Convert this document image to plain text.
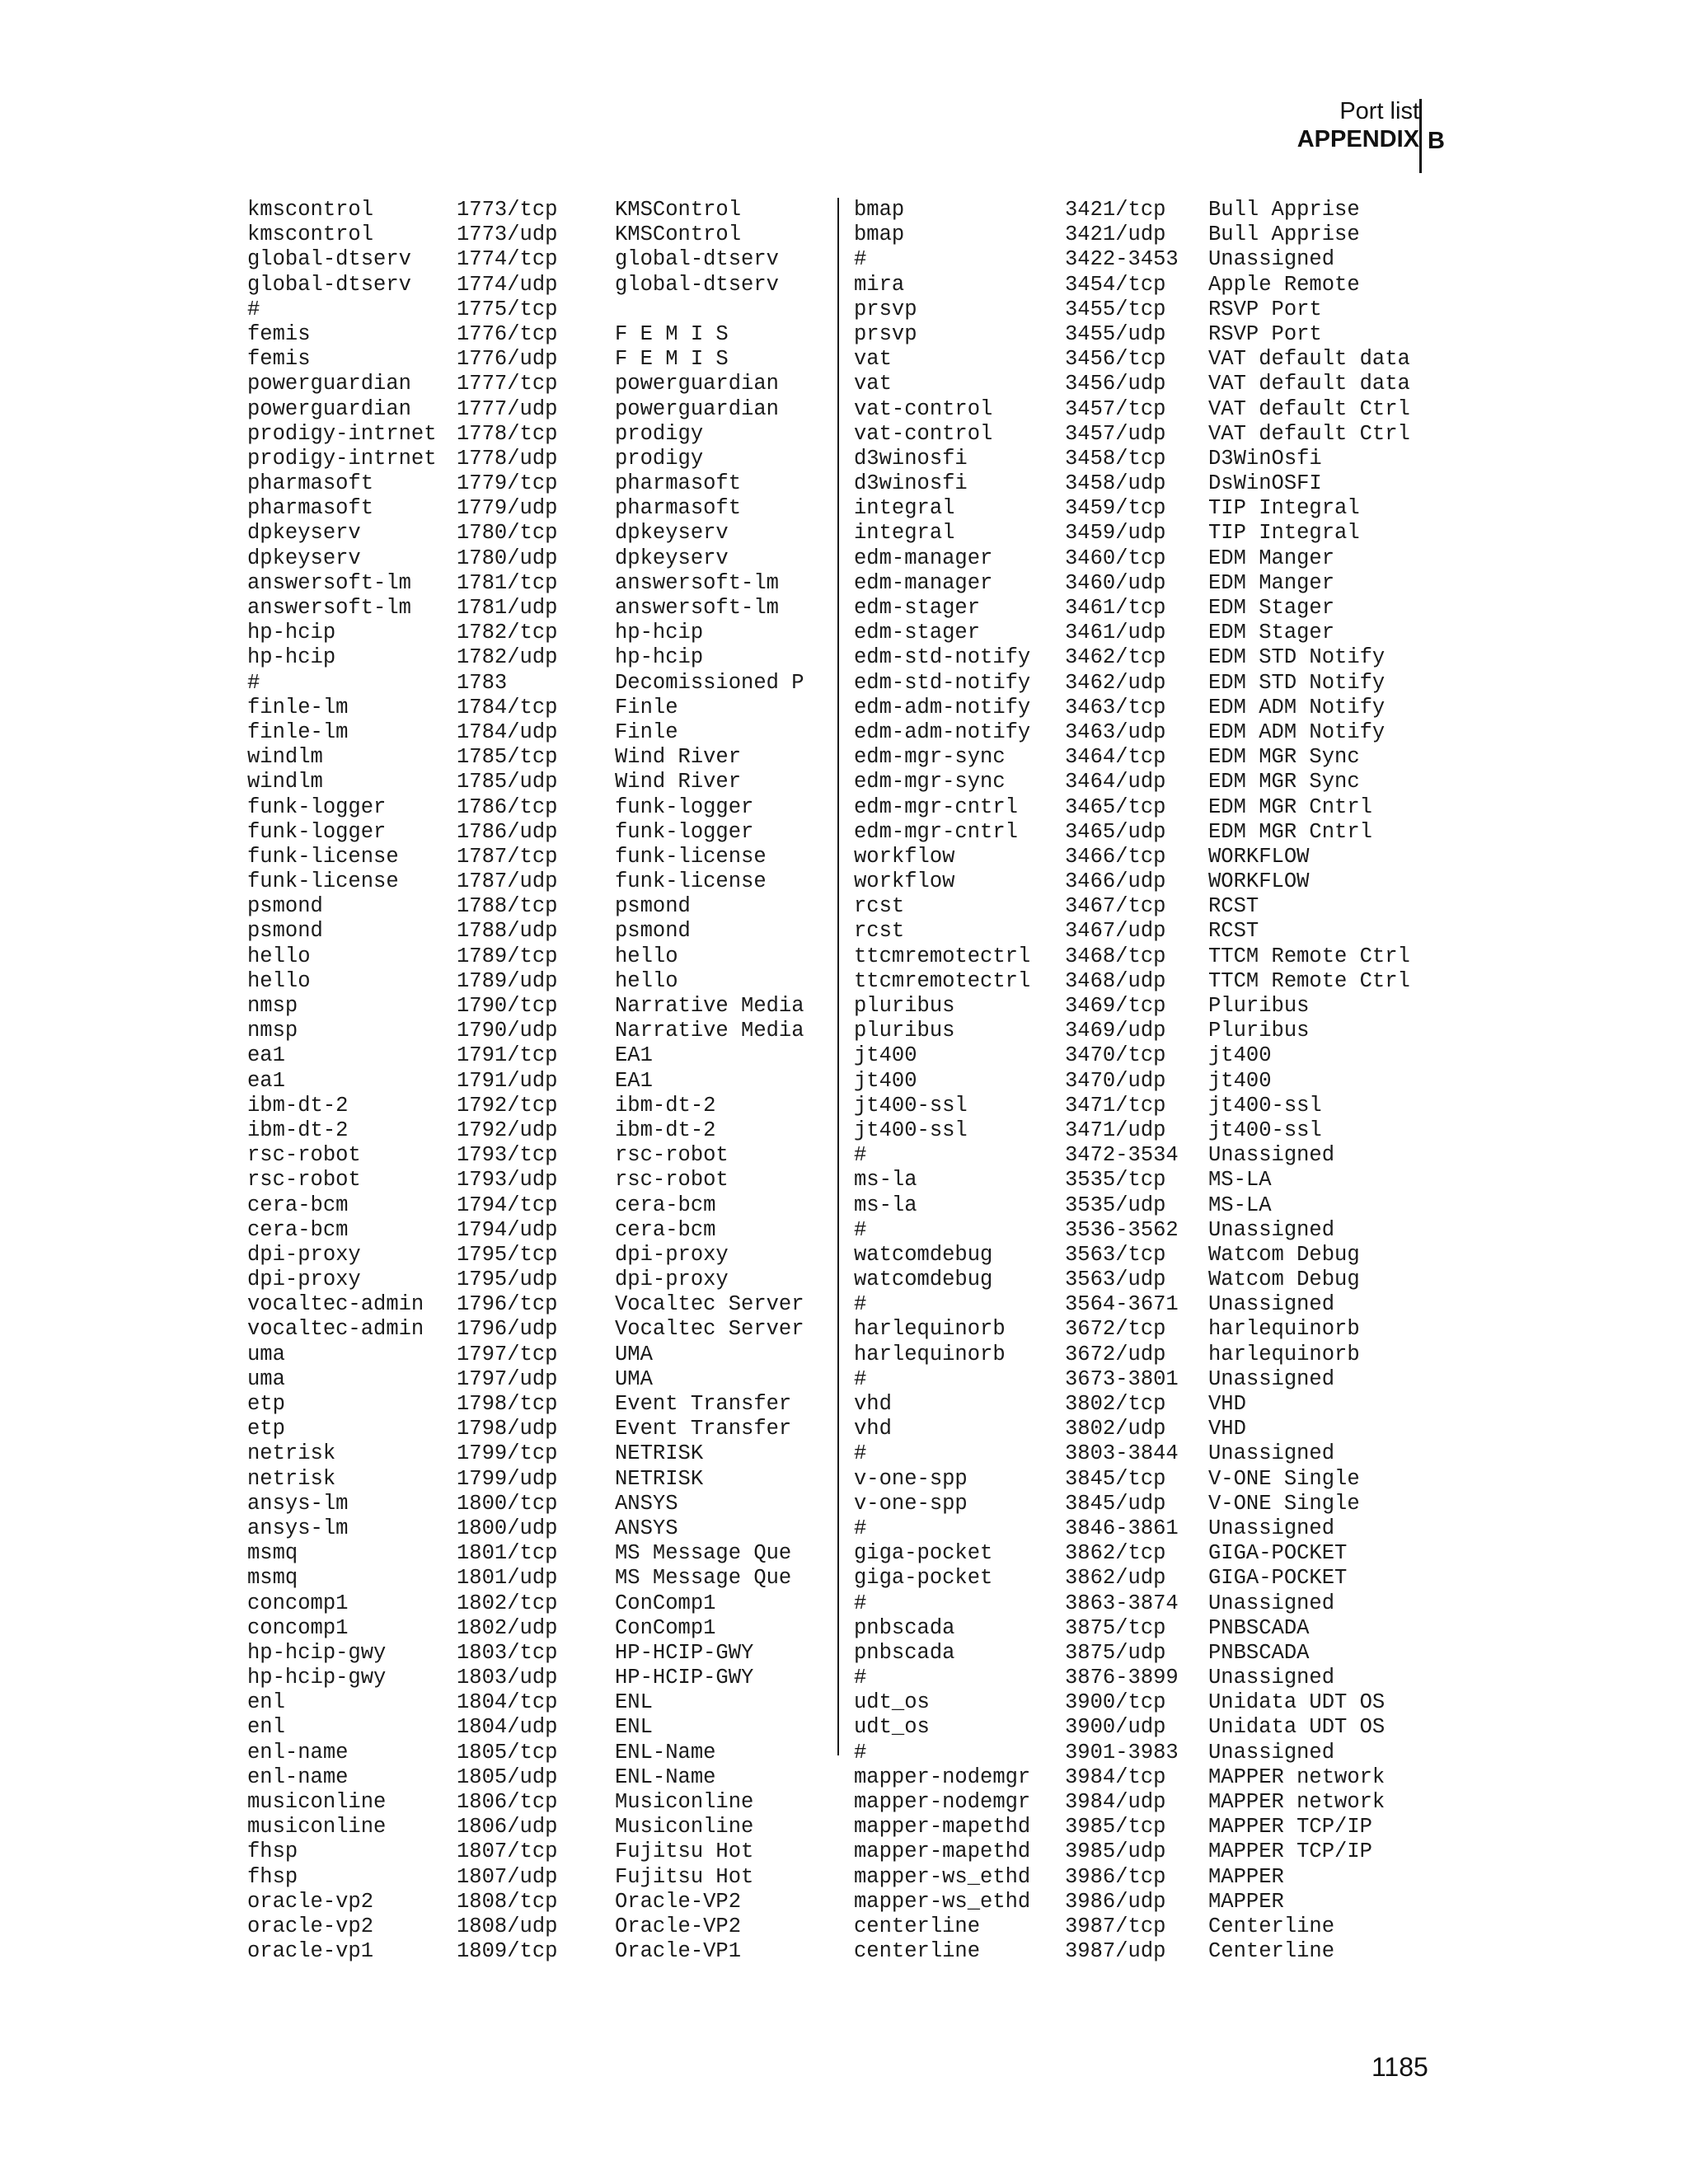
Port list
APPENDIX B
kmscontrol	1773/tcp	KMSControl
kmscontrol	1773/udp	KMSControl
global-dtserv 1774/tcp	global-dtserv
global-dtserv 1774/udp	global-dtserv
#	1775/tcp
femis	1776/tcp	F E M I S
femis	1776/udp	F E M I S
powerguardian 1777/tcp	powerguardian
powerguardian 1777/udp	powerguardian
prodigy-intrnet 1778/tcp	prodigy
prodigy-intrnet 1778/udp	prodigy
pharmasoft	1779/tcp	pharmasoft
pharmasoft	1779/udp	pharmasoft
dpkeyserv	1780/tcp	dpkeyserv
dpkeyserv	1780/udp	dpkeyserv
answersoft-lm 1781/tcp	answersoft-lm
answersoft-lm 1781/udp	answersoft-lm
hp-hcip	1782/tcp	hp-hcip
hp-hcip	1782/udp	hp-hcip
#	1783	Decomissioned P
finle-lm	1784/tcp	Finle
finle-lm	1784/udp	Finle
windlm	1785/tcp	Wind River
windlm	1785/udp	Wind River
funk-logger	1786/tcp	funk-logger
funk-logger	1786/udp	funk-logger
funk-license	1787/tcp	funk-license
funk-license	1787/udp	funk-license
psmond	1788/tcp	psmond
psmond	1788/udp	psmond
hello	1789/tcp	hello
hello	1789/udp	hello
nmsp	1790/tcp	Narrative Media
nmsp	1790/udp	Narrative Media
ea1	1791/tcp	EA1
ea1	1791/udp	EA1
ibm-dt-2	1792/tcp	ibm-dt-2
ibm-dt-2	1792/udp	ibm-dt-2
rsc-robot	1793/tcp	rsc-robot
rsc-robot	1793/udp	rsc-robot
cera-bcm	1794/tcp	cera-bcm
cera-bcm	1794/udp	cera-bcm
dpi-proxy	1795/tcp	dpi-proxy
dpi-proxy	1795/udp	dpi-proxy
vocaltec-admin 1796/tcp	Vocaltec Server
vocaltec-admin 1796/udp	Vocaltec Server
uma	1797/tcp	UMA
uma	1797/udp	UMA
etp	1798/tcp	Event Transfer
etp	1798/udp	Event Transfer
netrisk	1799/tcp	NETRISK
netrisk	1799/udp	NETRISK
ansys-lm	1800/tcp	ANSYS
ansys-lm	1800/udp	ANSYS
msmq	1801/tcp	MS Message Que
msmq	1801/udp	MS Message Que
concomp1	1802/tcp	ConComp1
concomp1	1802/udp	ConComp1
hp-hcip-gwy	1803/tcp	HP-HCIP-GWY
hp-hcip-gwy	1803/udp	HP-HCIP-GWY
enl	1804/tcp	ENL
enl	1804/udp	ENL
enl-name	1805/tcp	ENL-Name
enl-name	1805/udp	ENL-Name
musiconline	1806/tcp	Musiconline
musiconline	1806/udp	Musiconline
fhsp	1807/tcp	Fujitsu Hot
fhsp	1807/udp	Fujitsu Hot
oracle-vp2	1808/tcp	Oracle-VP2
oracle-vp2	1808/udp	Oracle-VP2
oracle-vp1	1809/tcp	Oracle-VP1
bmap	3421/tcp Bull Apprise
bmap	3421/udp Bull Apprise
#	3422-3453 Unassigned
mira	3454/tcp Apple Remote
prsvp	3455/tcp RSVP Port
prsvp	3455/udp RSVP Port
vat	3456/tcp VAT default data
vat	3456/udp VAT default data
vat-control	3457/tcp VAT default Ctrl
vat-control	3457/udp VAT default Ctrl
d3winosfi	3458/tcp D3WinOsfi
d3winosfi	3458/udp DsWinOSFI
integral	3459/tcp TIP Integral
integral	3459/udp TIP Integral
edm-manager	3460/tcp EDM Manger
edm-manager	3460/udp EDM Manger
edm-stager	3461/tcp EDM Stager
edm-stager	3461/udp EDM Stager
edm-std-notify 3462/tcp EDM STD Notify
edm-std-notify 3462/udp EDM STD Notify
edm-adm-notify 3463/tcp EDM ADM Notify
edm-adm-notify 3463/udp EDM ADM Notify
edm-mgr-sync	3464/tcp EDM MGR Sync
edm-mgr-sync	3464/udp EDM MGR Sync
edm-mgr-cntrl 3465/tcp EDM MGR Cntrl
edm-mgr-cntrl 3465/udp EDM MGR Cntrl
workflow	3466/tcp WORKFLOW
workflow	3466/udp WORKFLOW
rcst	3467/tcp RCST
rcst	3467/udp RCST
ttcmremotectrl 3468/tcp TTCM Remote Ctrl
ttcmremotectrl 3468/udp TTCM Remote Ctrl
pluribus	3469/tcp Pluribus
pluribus	3469/udp Pluribus
jt400	3470/tcp jt400
jt400	3470/udp jt400
jt400-ssl	3471/tcp jt400-ssl
jt400-ssl	3471/udp jt400-ssl
#	3472-3534 Unassigned
ms-la	3535/tcp MS-LA
ms-la	3535/udp MS-LA
#	3536-3562 Unassigned
watcomdebug	3563/tcp Watcom Debug
watcomdebug	3563/udp Watcom Debug
#	3564-3671 Unassigned
harlequinorb	3672/tcp harlequinorb
harlequinorb	3672/udp harlequinorb
#	3673-3801 Unassigned
vhd	3802/tcp VHD
vhd	3802/udp VHD
#	3803-3844 Unassigned
v-one-spp	3845/tcp V-ONE Single
v-one-spp	3845/udp V-ONE Single
#	3846-3861 Unassigned
giga-pocket	3862/tcp GIGA-POCKET
giga-pocket	3862/udp GIGA-POCKET
#	3863-3874 Unassigned
pnbscada	3875/tcp PNBSCADA
pnbscada	3875/udp PNBSCADA
#	3876-3899 Unassigned
udt_os	3900/tcp Unidata UDT OS
udt_os	3900/udp Unidata UDT OS
#	3901-3983 Unassigned
mapper-nodemgr 3984/tcp MAPPER network
mapper-nodemgr 3984/udp MAPPER network
mapper-mapethd 3985/tcp MAPPER TCP/IP
mapper-mapethd 3985/udp MAPPER TCP/IP
mapper-ws_ethd 3986/tcp MAPPER
mapper-ws_ethd 3986/udp MAPPER
centerline	3987/tcp Centerline
centerline	3987/udp Centerline
1185
